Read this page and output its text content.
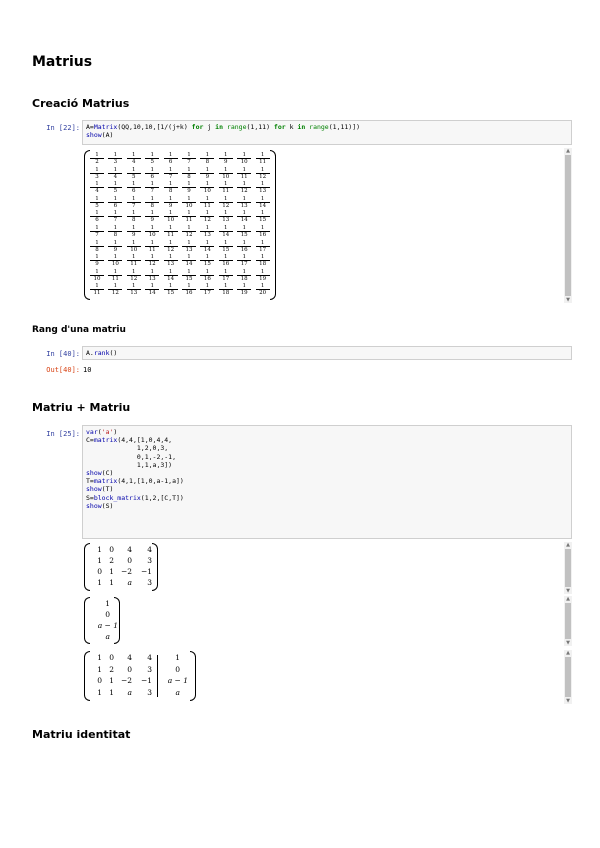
Matrius
Creació Matrius
In [22]: A=Matrix(QQ,10,10,[1/(j+k) for j in range(1,11) for k in range(1,11)])
show(A)
$\frac{1}{2} \frac{1}{3} \frac{1}{4} \frac{1}{5} \frac{1}{6} \frac{1}{7} \frac{1}{8} \frac{1}{9} \frac{1}{10} \frac{1}{11}$
$\frac{1}{3} \frac{1}{4} \frac{1}{5} \frac{1}{6} \frac{1}{7} \frac{1}{8} \frac{1}{9} \frac{1}{10} \frac{1}{11} \frac{1}{12}$
$\frac{1}{4} \frac{1}{5} \frac{1}{6} \frac{1}{7} \frac{1}{8} \frac{1}{9} \frac{1}{10} \frac{1}{11} \frac{1}{12} \frac{1}{13}$
$\frac{1}{5} \frac{1}{6} \frac{1}{7} \frac{1}{8} \frac{1}{9} \frac{1}{10} \frac{1}{11} \frac{1}{12} \frac{1}{13} \frac{1}{14}$
$\frac{1}{6} \frac{1}{7} \frac{1}{8} \frac{1}{9} \frac{1}{10} \frac{1}{11} \frac{1}{12} \frac{1}{13} \frac{1}{14} \frac{1}{15}$
$\frac{1}{7} \frac{1}{8} \frac{1}{9} \frac{1}{10} \frac{1}{11} \frac{1}{12} \frac{1}{13} \frac{1}{14} \frac{1}{15} \frac{1}{16}$
$\frac{1}{8} \frac{1}{9} \frac{1}{10} \frac{1}{11} \frac{1}{12} \frac{1}{13} \frac{1}{14} \frac{1}{15} \frac{1}{16} \frac{1}{17}$
$\frac{1}{9} \frac{1}{10} \frac{1}{11} \frac{1}{12} \frac{1}{13} \frac{1}{14} \frac{1}{15} \frac{1}{16} \frac{1}{17} \frac{1}{18}$
$\frac{1}{10} \frac{1}{11} \frac{1}{12} \frac{1}{13} \frac{1}{14} \frac{1}{15} \frac{1}{16} \frac{1}{17} \frac{1}{18} \frac{1}{19}$
$\frac{1}{11} \frac{1}{12} \frac{1}{13} \frac{1}{14} \frac{1}{15} \frac{1}{16} \frac{1}{17} \frac{1}{18} \frac{1}{19} \frac{1}{20}$
▲
▼
Rang d'una matriu
In [40]: A.rank()
Out[40]: 10
Matriu + Matriu
In [25]: var('a')
C=matrix(4,4,[1,0,4,4,
1,2,0,3,
0,1,-2,-1,
1,1,a,3])
show(C)
T=matrix(4,1,[1,0,a-1,a])
show(T)
S=block_matrix(1,2,[C,T])
show(S)
1 0	4	4
1 2	0	3
0 1 −2	−1
1 1	a	3
▲
▼
1
0
a − 1
a
▲
▼
1 0	4	4	1
1 2	0	3	0
0 1 −2	−1	a − 1
1 1	a	3	a
▲
▼
Matriu identitat
